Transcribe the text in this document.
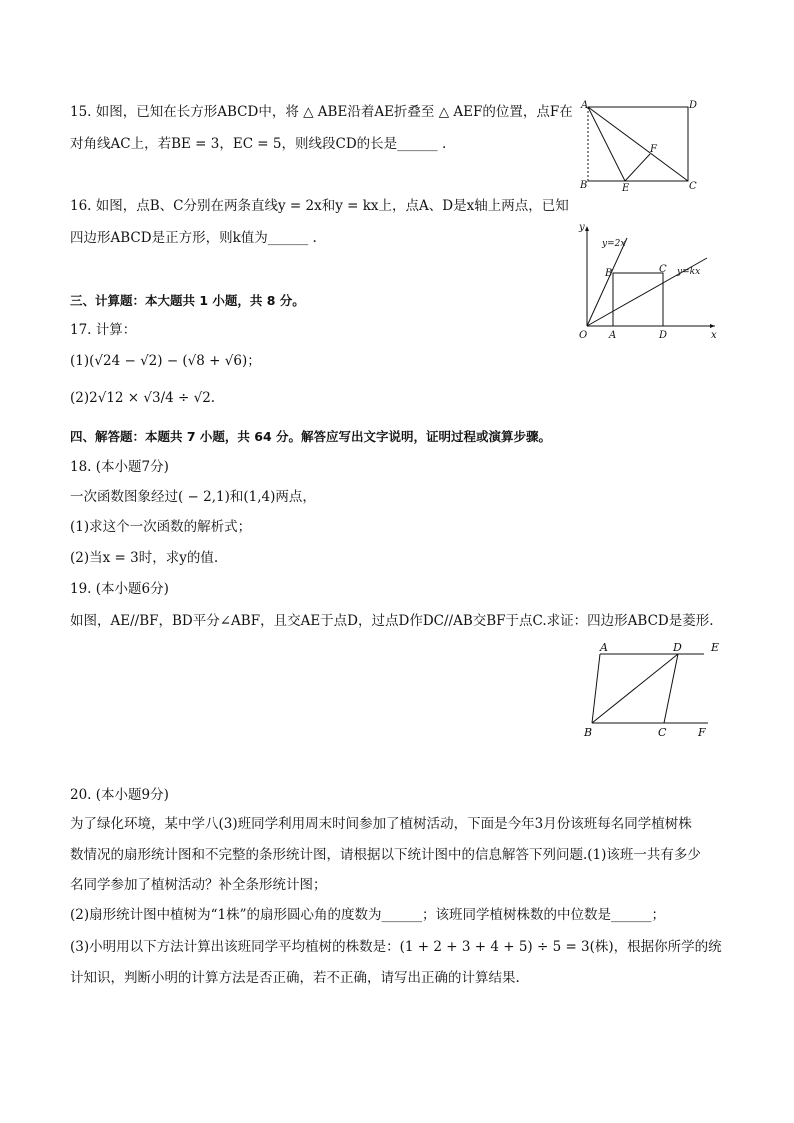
15. 如图，已知在长方形ABCD中，将 △ ABE沿着AE折叠至 △ AEF的位置，点F在
对角线AC上，若BE = 3，EC = 5，则线段CD的长是______ .
A	D
B	E	C
F
16. 如图，点B、C分别在两条直线y = 2x和y = kx上，点A、D是x轴上两点，已知
四边形ABCD是正方形，则k值为______ .
y
x
O A	D
B	C
y=2x
y=kx
三、计算题：本大题共 1 小题，共 8 分。
17. 计算：
(1)(√24 − √2) − (√8 + √6)；
(2)2√12 × √3/4 ÷ √2.
四、解答题：本题共 7 小题，共 64 分。解答应写出文字说明，证明过程或演算步骤。
18. (本小题7分)
一次函数图象经过( − 2,1)和(1,4)两点，
(1)求这个一次函数的解析式；
(2)当x = 3时，求y的值.
19. (本小题6分)
如图，AE//BF，BD平分∠ABF，且交AE于点D，过点D作DC//AB交BF于点C.求证：四边形ABCD是菱形.
A	D	E
B	C	F
20. (本小题9分)
为了绿化环境，某中学八(3)班同学利用周末时间参加了植树活动，下面是今年3月份该班每名同学植树株
数情况的扇形统计图和不完整的条形统计图，请根据以下统计图中的信息解答下列问题.(1)该班一共有多少
名同学参加了植树活动？补全条形统计图；
(2)扇形统计图中植树为“1株”的扇形圆心角的度数为______；该班同学植树株数的中位数是______；
(3)小明用以下方法计算出该班同学平均植树的株数是：(1 + 2 + 3 + 4 + 5) ÷ 5 = 3(株)，根据你所学的统
计知识，判断小明的计算方法是否正确，若不正确，请写出正确的计算结果.
